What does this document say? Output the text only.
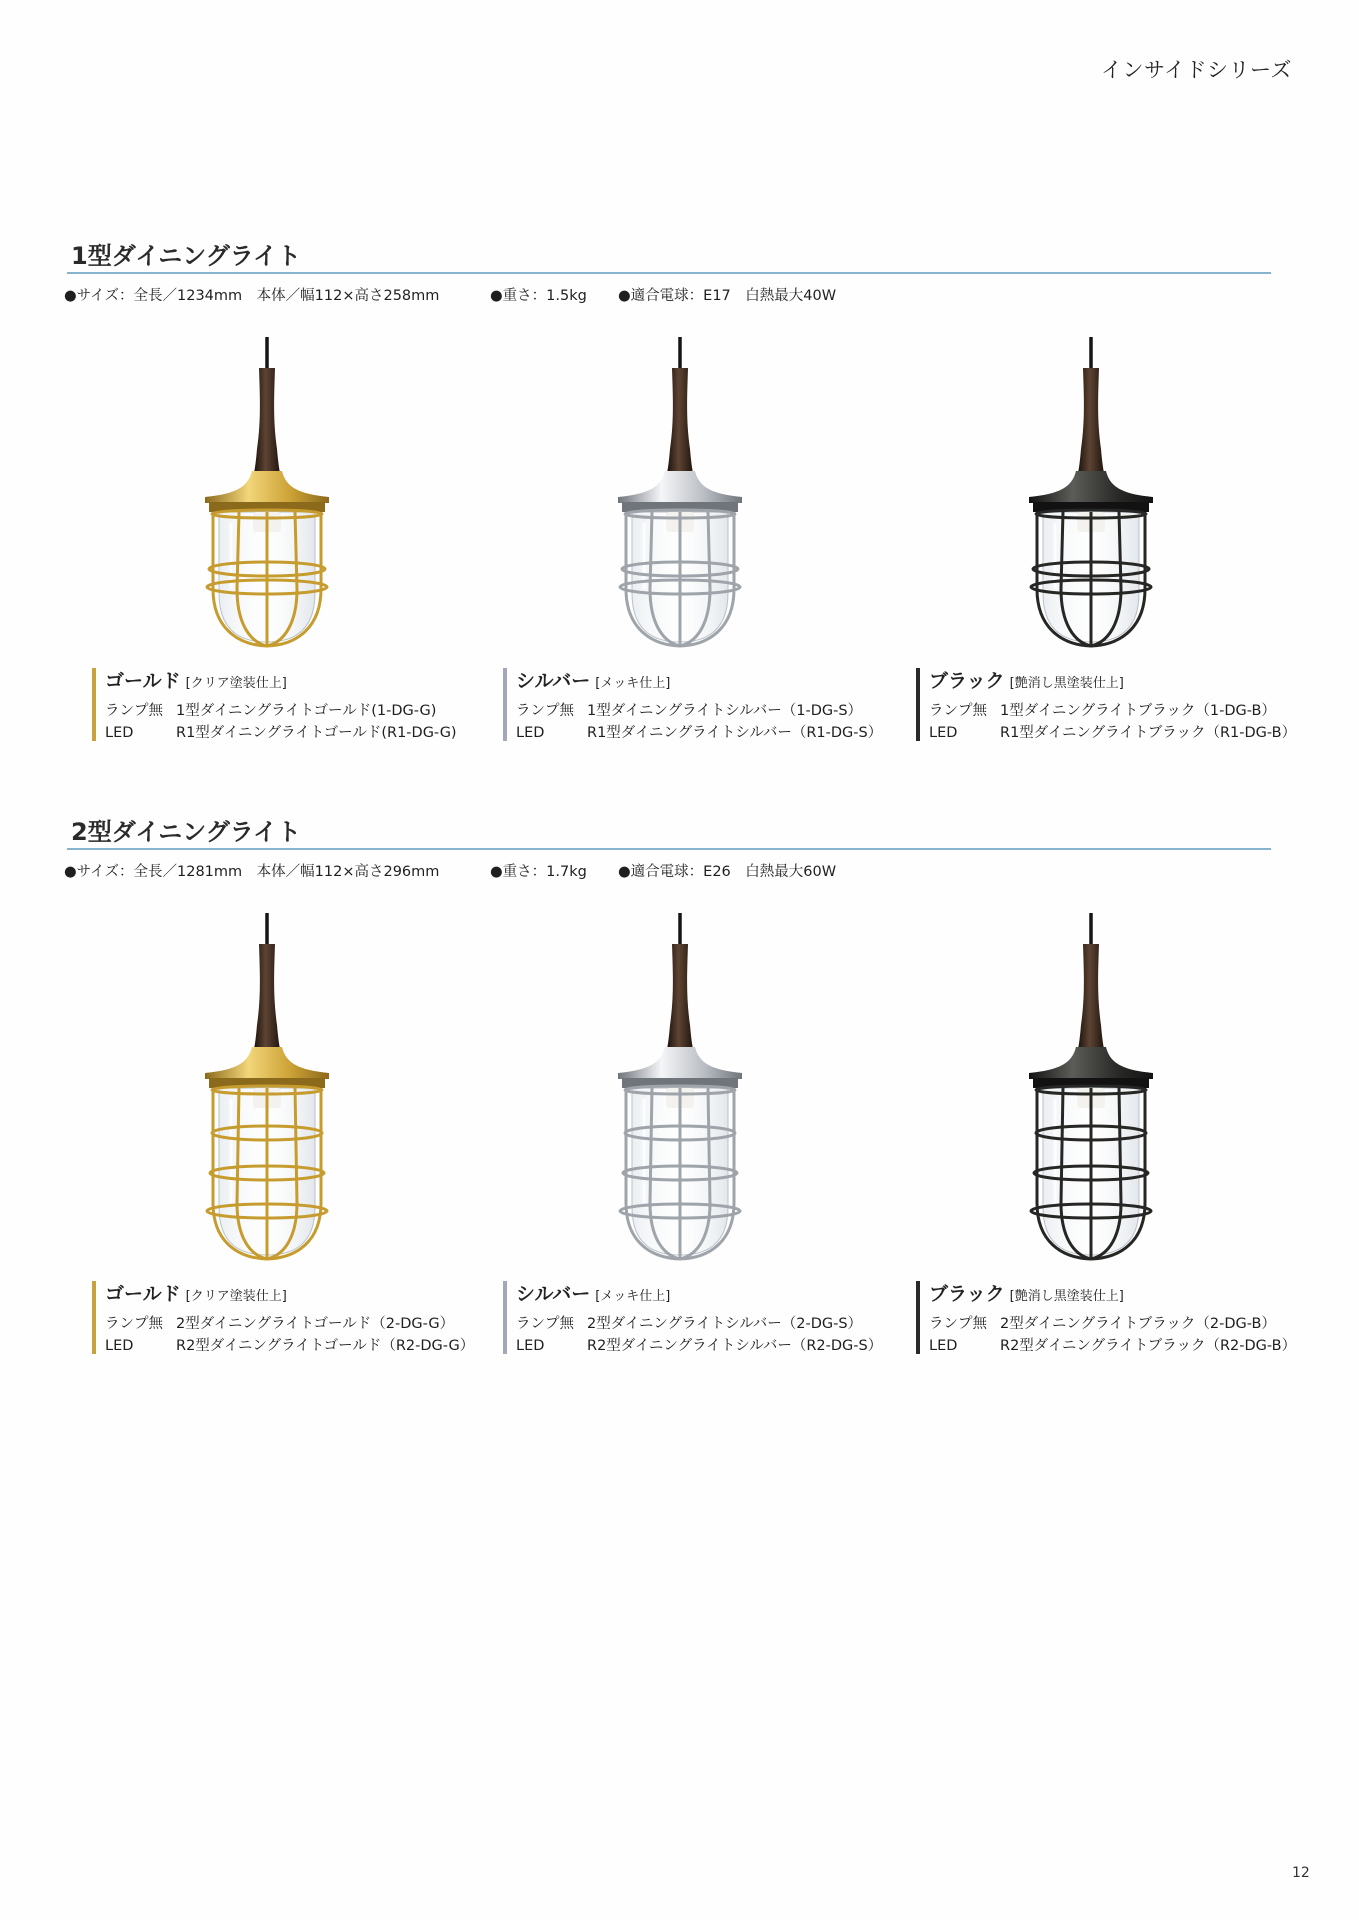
インサイドシリーズ
1型ダイニングライト
●サイズ：全長／1234mm　本体／幅112×高さ258mm	●重さ：1.5kg ●適合電球：E17　白熱最大40W
ゴールド [クリア塗装仕上]
ランプ無 1型ダイニングライトゴールド(1-DG-G)
LED	R1型ダイニングライトゴールド(R1-DG-G)
シルバー [メッキ仕上]
ランプ無 1型ダイニングライトシルバー（1-DG-S）
LED	R1型ダイニングライトシルバー（R1-DG-S）
ブラック [艶消し黒塗装仕上]
ランプ無 1型ダイニングライトブラック（1-DG-B）
LED	R1型ダイニングライトブラック（R1-DG-B）
2型ダイニングライト
●サイズ：全長／1281mm　本体／幅112×高さ296mm	●重さ：1.7kg ●適合電球：E26　白熱最大60W
ゴールド [クリア塗装仕上]
ランプ無 2型ダイニングライトゴールド（2-DG-G）
LED	R2型ダイニングライトゴールド（R2-DG-G）
シルバー [メッキ仕上]
ランプ無 2型ダイニングライトシルバー（2-DG-S）
LED	R2型ダイニングライトシルバー（R2-DG-S）
ブラック [艶消し黒塗装仕上]
ランプ無 2型ダイニングライトブラック（2-DG-B）
LED	R2型ダイニングライトブラック（R2-DG-B）
12
